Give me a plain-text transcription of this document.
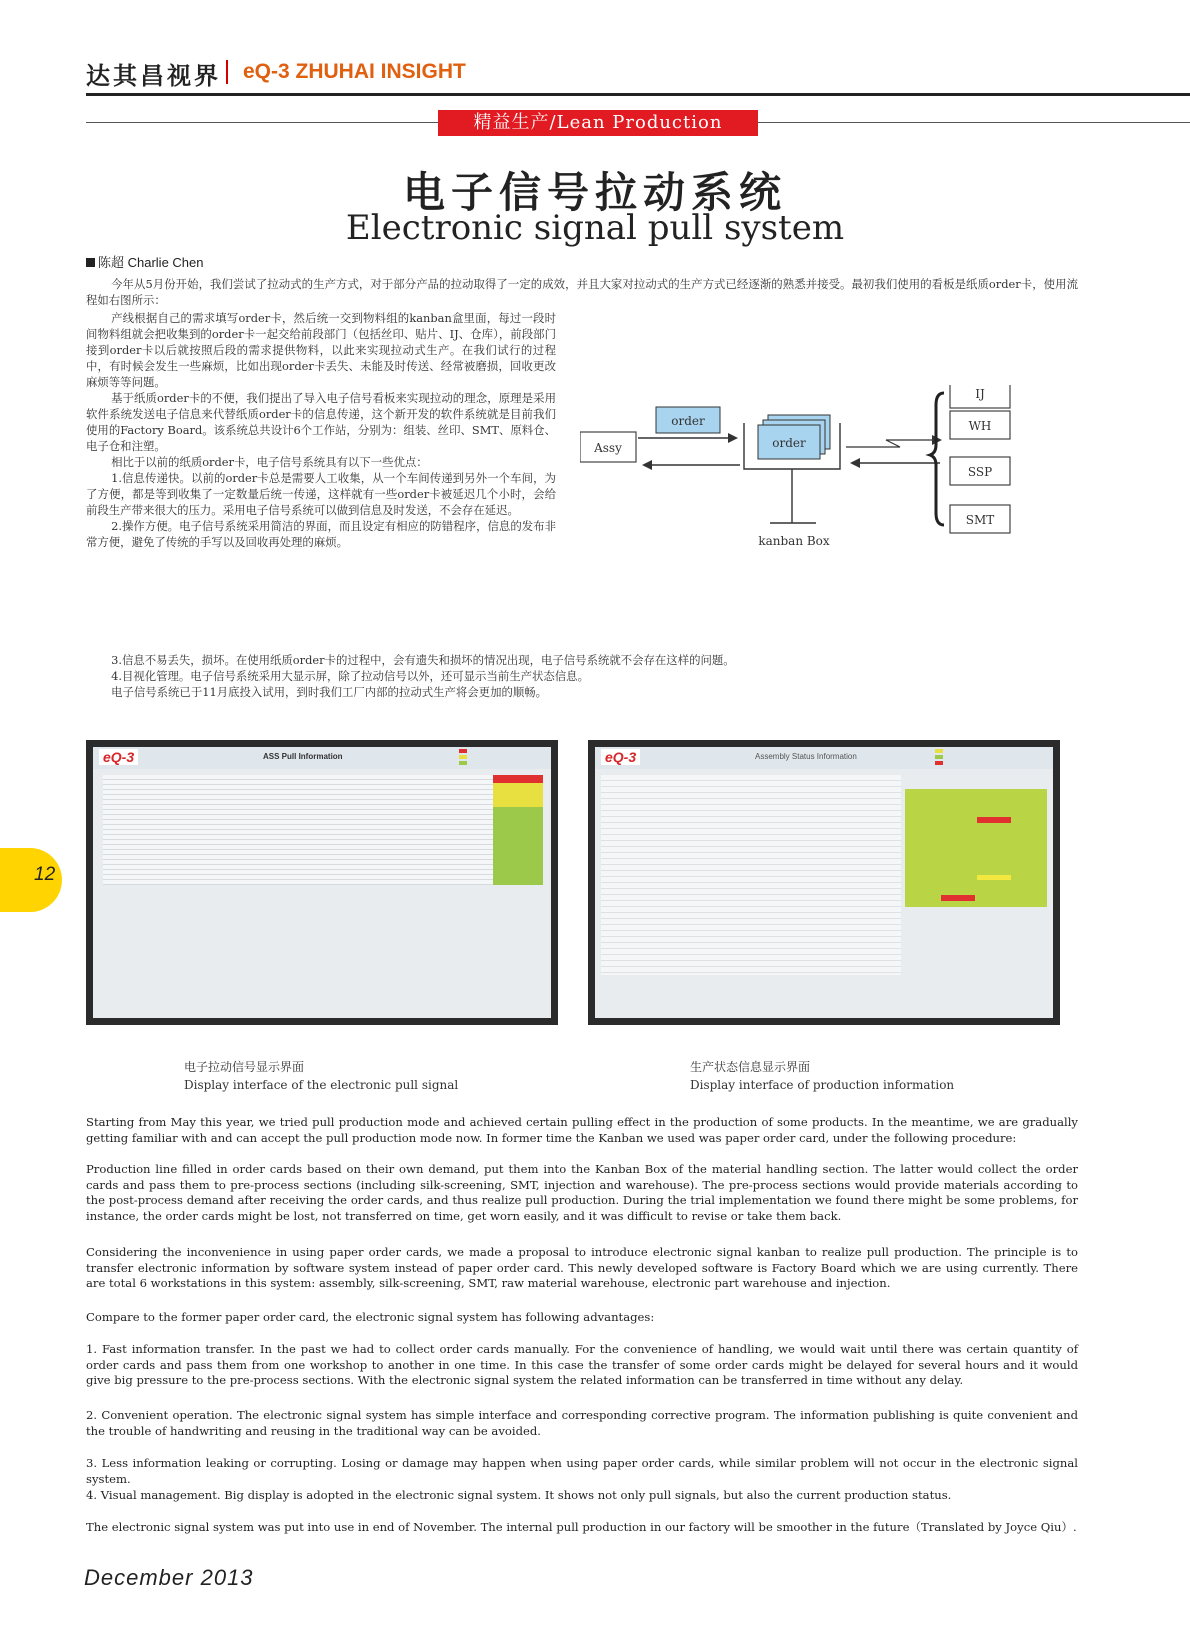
达其昌视界 eQ-3 ZHUHAI INSIGHT
精益生产/Lean Production
电子信号拉动系统
Electronic signal pull system
陈超 Charlie Chen

今年从5月份开始，我们尝试了拉动式的生产方式，对于部分产品的拉动取得了一定的成效，并且大家对拉动式的生产方式已经逐渐的熟悉并接受。最初我们使用的看板是纸质order卡，使用流程如右图所示：

产线根据自己的需求填写order卡，然后统一交到物料组的kanban盒里面，每过一段时间物料组就会把收集到的order卡一起交给前段部门（包括丝印、贴片、IJ、仓库），前段部门接到order卡以后就按照后段的需求提供物料，以此来实现拉动式生产。在我们试行的过程中，有时候会发生一些麻烦，比如出现order卡丢失、未能及时传送、经常被磨损，回收更改麻烦等等问题。

基于纸质order卡的不便，我们提出了导入电子信号看板来实现拉动的理念，原理是采用软件系统发送电子信息来代替纸质order卡的信息传递，这个新开发的软件系统就是目前我们使用的Factory Board。该系统总共设计6个工作站，分别为：组装、丝印、SMT、原料仓、电子仓和注塑。

相比于以前的纸质order卡，电子信号系统具有以下一些优点：

1.信息传递快。以前的order卡总是需要人工收集，从一个车间传递到另外一个车间，为了方便，都是等到收集了一定数量后统一传递，这样就有一些order卡被延迟几个小时，会给前段生产带来很大的压力。采用电子信号系统可以做到信息及时发送，不会存在延迟。

2.操作方便。电子信号系统采用简洁的界面，而且设定有相应的防错程序，信息的发布非常方便，避免了传统的手写以及回收再处理的麻烦。

3.信息不易丢失，损坏。在使用纸质order卡的过程中，会有遗失和损坏的情况出现，电子信号系统就不会存在这样的问题。

4.目视化管理。电子信号系统采用大显示屏，除了拉动信号以外，还可显示当前生产状态信息。

电子信号系统已于11月底投入试用，到时我们工厂内部的拉动式生产将会更加的顺畅。

Assy
order
kanban Box
order
IJ
WH
SSP
SMT
eQ-3	ASS Pull Information	eQ-3	Assembly Status Information
电子拉动信号显示界面
Display interface of the electronic pull signal
生产状态信息显示界面
Display interface of production information

Starting from May this year, we tried pull production mode and achieved certain pulling effect in the production of some products. In the meantime, we are gradually getting familiar with and can accept the pull production mode now. In former time the Kanban we used was paper order card, under the following procedure:

Production line filled in order cards based on their own demand, put them into the Kanban Box of the material handling section. The latter would collect the order cards and pass them to pre-process sections (including silk-screening, SMT, injection and warehouse). The pre-process sections would provide materials according to the post-process demand after receiving the order cards, and thus realize pull production. During the trial implementation we found there might be some problems, for instance, the order cards might be lost, not transferred on time, get worn easily, and it was difficult to revise or take them back.

Considering the inconvenience in using paper order cards, we made a proposal to introduce electronic signal kanban to realize pull production. The principle is to transfer electronic information by software system instead of paper order card. This newly developed software is Factory Board which we are using currently. There are total 6 workstations in this system: assembly, silk-screening, SMT, raw material warehouse, electronic part warehouse and injection.

Compare to the former paper order card, the electronic signal system has following advantages:

1. Fast information transfer. In the past we had to collect order cards manually. For the convenience of handling, we would wait until there was certain quantity of order cards and pass them from one workshop to another in one time. In this case the transfer of some order cards might be delayed for several hours and it would give big pressure to the pre-process sections. With the electronic signal system the related information can be transferred in time without any delay.

2. Convenient operation. The electronic signal system has simple interface and corresponding corrective program. The information publishing is quite convenient and the trouble of handwriting and reusing in the traditional way can be avoided.

3. Less information leaking or corrupting. Losing or damage may happen when using paper order cards, while similar problem will not occur in the electronic signal system.

4. Visual management. Big display is adopted in the electronic signal system. It shows not only pull signals, but also the current production status.

The electronic signal system was put into use in end of November. The internal pull production in our factory will be smoother in the future（Translated by Joyce Qiu）.

12
December 2013
